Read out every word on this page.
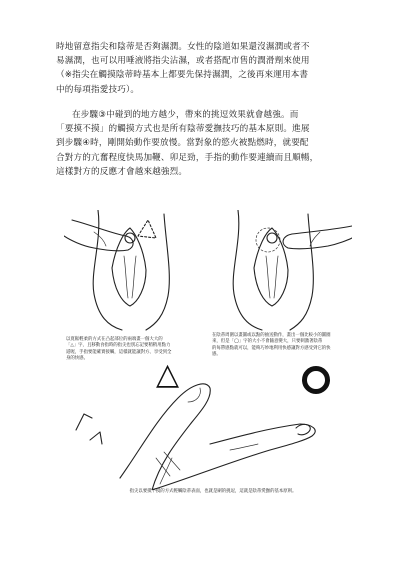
時地留意指尖和陰蒂是否夠濕潤。女性的陰道如果還沒濕潤或者不
易濕潤，也可以用唾液將指尖沾濕，或者搭配市售的潤滑劑來使用
（※指尖在觸摸陰蒂時基本上都要先保持濕潤，之後再來運用本書
中的每項指愛技巧）。

在步驟③中碰到的地方越少，帶來的挑逗效果就會越強。而
「要摸不摸」的觸摸方式也是所有陰蒂愛撫技巧的基本原則。進展
到步驟④時，剛開始動作要放慢。當對象的慾火被點燃時，就要配
合對方的亢奮程度快馬加鞭、卯足勁，手指的動作要連續而且順暢，
這樣對方的反應才會越來越強烈。

以寬鬆輕柔的方式在凸起部位的兩端畫一個大大的
「△」字，且移動食指時的指尖也別忘記要稍稍用點力
道喔，手指要能確實接觸，這樣就能讓對方、享受到全
身的快感。
在陰蒂周圍以畫圓或以點的抽送動作，畫出一個比較小的圓圈
來，但是「◯」字的大小不會隨意變大，只要刺激著陰蒂
的每帶感點就可以，能夠巧妙地利用快感讓對方感受到它的快
感。
△
指尖以要摸不摸的方式輕觸陰蒂表面，也就是刷的挑逗，這就是陰蒂愛撫的基本原則。
